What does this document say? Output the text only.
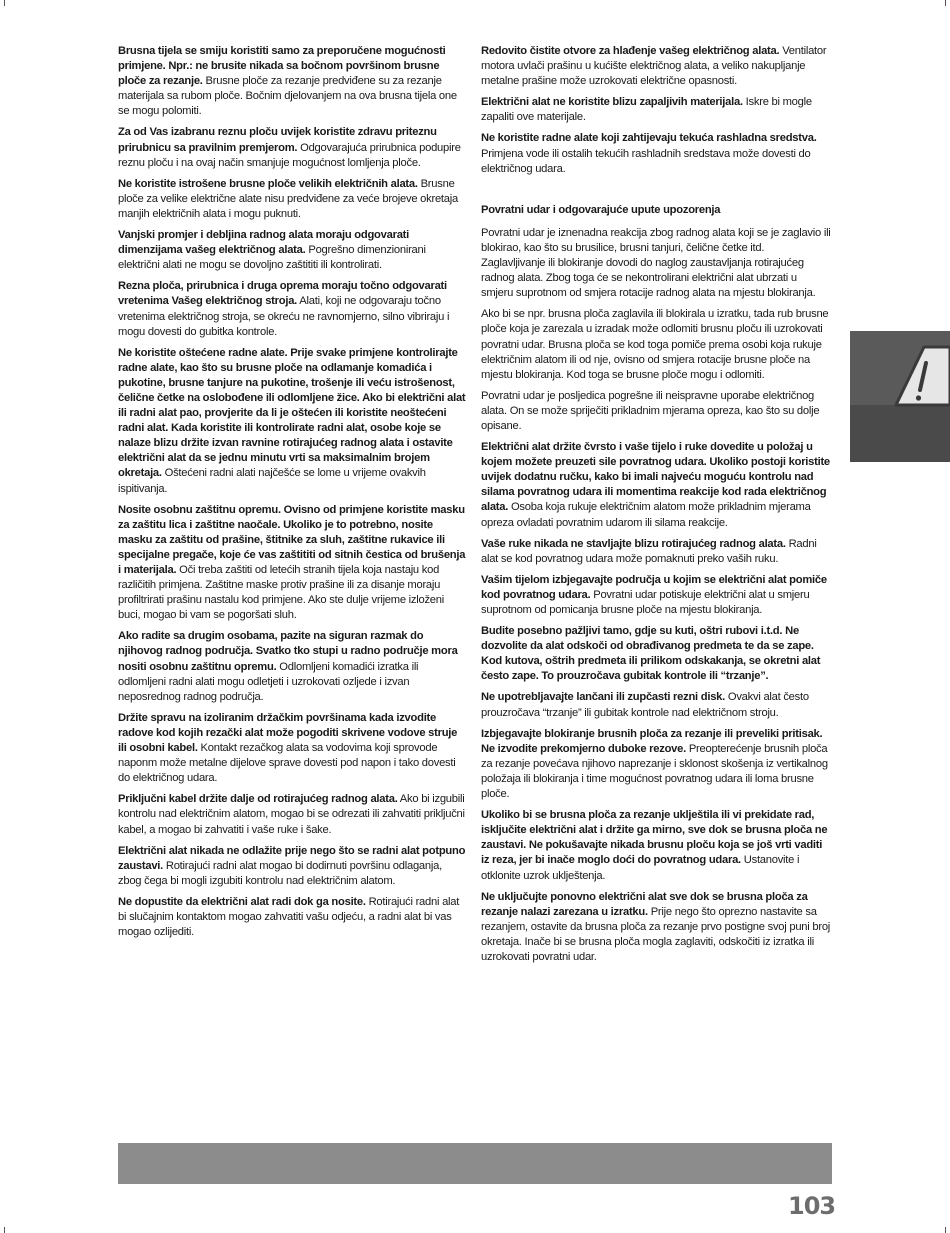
Brusna tijela se smiju koristiti samo za preporučene mogućnosti primjene. Npr.: ne brusite nikada sa bočnom površinom brusne ploče za rezanje. Brusne ploče za rezanje predviđene su za rezanje materijala sa rubom ploče. Bočnim djelovanjem na ova brusna tijela one se mogu polomiti.

Za od Vas izabranu reznu ploču uvijek koristite zdravu priteznu prirubnicu sa pravilnim premjerom. Odgovarajuća prirubnica podupire reznu ploču i na ovaj način smanjuje mogućnost lomljenja ploče.

Ne koristite istrošene brusne ploče velikih električnih alata. Brusne ploče za velike električne alate nisu predviđene za veće brojeve okretaja manjih električnih alata i mogu puknuti.

Vanjski promjer i debljina radnog alata moraju odgovarati dimenzijama vašeg električnog alata. Pogrešno dimenzionirani električni alati ne mogu se dovoljno zaštititi ili kontrolirati.

Rezna ploča, prirubnica i druga oprema moraju točno odgovarati vretenima Vašeg električnog stroja. Alati, koji ne odgovaraju točno vretenima električnog stroja, se okreću ne ravnomjerno, silno vibriraju i mogu dovesti do gubitka kontrole.

Ne koristite oštećene radne alate. Prije svake primjene kontrolirajte radne alate, kao što su brusne ploče na odlamanje komadića i pukotine, brusne tanjure na pukotine, trošenje ili veću istrošenost, čelične četke na oslobođene ili odlomljene žice. Ako bi električni alat ili radni alat pao, provjerite da li je oštećen ili koristite neoštećeni radni alat. Kada koristite ili kontrolirate radni alat, osobe koje se nalaze blizu držite izvan ravnine rotirajućeg radnog alata i ostavite električni alat da se jednu minutu vrti sa maksimalnim brojem okretaja. Oštećeni radni alati najčešće se lome u vrijeme ovakvih ispitivanja.

Nosite osobnu zaštitnu opremu. Ovisno od primjene koristite masku za zaštitu lica i zaštitne naočale. Ukoliko je to potrebno, nosite masku za zaštitu od prašine, štitnike za sluh, zaštitne rukavice ili specijalne pregače, koje će vas zaštititi od sitnih čestica od brušenja i materijala. Oči treba zaštiti od letećih stranih tijela koja nastaju kod različitih primjena. Zaštitne maske protiv prašine ili za disanje moraju profiltrirati prašinu nastalu kod primjene. Ako ste dulje vrijeme izloženi buci, mogao bi vam se pogoršati sluh.

Ako radite sa drugim osobama, pazite na siguran razmak do njihovog radnog područja. Svatko tko stupi u radno područje mora nositi osobnu zaštitnu opremu. Odlomljeni komadići izratka ili odlomljeni radni alati mogu odletjeti i uzrokovati ozljede i izvan neposrednog radnog područja.

Držite spravu na izoliranim držačkim površinama kada izvodite radove kod kojih rezački alat može pogoditi skrivene vodove struje ili osobni kabel. Kontakt rezačkog alata sa vodovima koji sprovode naponm može metalne dijelove sprave dovesti pod napon i tako dovesti do električnog udara.

Priključni kabel držite dalje od rotirajućeg radnog alata. Ako bi izgubili kontrolu nad električnim alatom, mogao bi se odrezati ili zahvatiti priključni kabel, a mogao bi zahvatiti i vaše ruke i šake.

Električni alat nikada ne odlažite prije nego što se radni alat potpuno zaustavi. Rotirajući radni alat mogao bi dodirnuti površinu odlaganja, zbog čega bi mogli izgubiti kontrolu nad električnim alatom.

Ne dopustite da električni alat radi dok ga nosite. Rotirajući radni alat bi slučajnim kontaktom mogao zahvatiti vašu odjeću, a radni alat bi vas mogao ozlijediti.

Redovito čistite otvore za hlađenje vašeg električnog alata. Ventilator motora uvlači prašinu u kućište električnog alata, a veliko nakupljanje metalne prašine može uzrokovati električne opasnosti.

Električni alat ne koristite blizu zapaljivih materijala. Iskre bi mogle zapaliti ove materijale.

Ne koristite radne alate koji zahtijevaju tekuća rashladna sredstva. Primjena vode ili ostalih tekućih rashladnih sredstava može dovesti do električnog udara.

Povratni udar i odgovarajuće upute upozorenja

Povratni udar je iznenadna reakcija zbog radnog alata koji se je zaglavio ili blokirao, kao što su brusilice, brusni tanjuri, čelične četke itd. Zaglavljivanje ili blokiranje dovodi do naglog zaustavljanja rotirajućeg radnog alata. Zbog toga će se nekontrolirani električni alat ubrzati u smjeru suprotnom od smjera rotacije radnog alata na mjestu blokiranja.

Ako bi se npr. brusna ploča zaglavila ili blokirala u izratku, tada rub brusne ploče koja je zarezala u izradak može odlomiti brusnu ploču ili uzrokovati povratni udar. Brusna ploča se kod toga pomiče prema osobi koja rukuje električnim alatom ili od nje, ovisno od smjera rotacije brusne ploče na mjestu blokiranja. Kod toga se brusne ploče mogu i odlomiti.

Povratni udar je posljedica pogrešne ili neispravne uporabe električnog alata. On se može spriječiti prikladnim mjerama opreza, kao što su dolje opisane.

Električni alat držite čvrsto i vaše tijelo i ruke dovedite u položaj u kojem možete preuzeti sile povratnog udara. Ukoliko postoji koristite uvijek dodatnu ručku, kako bi imali najveću moguću kontrolu nad silama povratnog udara ili momentima reakcije kod rada električnog alata. Osoba koja rukuje električnim alatom može prikladnim mjerama opreza ovladati povratnim udarom ili silama reakcije.

Vaše ruke nikada ne stavljajte blizu rotirajućeg radnog alata. Radni alat se kod povratnog udara može pomaknuti preko vaših ruku.

Vašim tijelom izbjegavajte područja u kojim se električni alat pomiče kod povratnog udara. Povratni udar potiskuje električni alat u smjeru suprotnom od pomicanja brusne ploče na mjestu blokiranja.

Budite posebno pažljivi tamo, gdje su kuti, oštri rubovi i.t.d. Ne dozvolite da alat odskoči od obrađivanog predmeta te da se zape. Kod kutova, oštrih predmeta ili prilikom odskakanja, se okretni alat često zape. To prouzročava gubitak kontrole ili “trzanje”.

Ne upotrebljavajte lančani ili zupčasti rezni disk. Ovakvi alat često prouzročava “trzanje” ili gubitak kontrole nad električnom stroju.

Izbjegavajte blokiranje brusnih ploča za rezanje ili preveliki pritisak. Ne izvodite prekomjerno duboke rezove. Preopterećenje brusnih ploča za rezanje povećava njihovo naprezanje i sklonost skošenja iz vertikalnog položaja ili blokiranja i time mogućnost povratnog udara ili loma brusne ploče.

Ukoliko bi se brusna ploča za rezanje uklještila ili vi prekidate rad, isključite električni alat i držite ga mirno, sve dok se brusna ploča ne zaustavi. Ne pokušavajte nikada brusnu ploču koja se još vrti vaditi iz reza, jer bi inače moglo doći do povratnog udara. Ustanovite i otklonite uzrok uklještenja.

Ne uključujte ponovno električni alat sve dok se brusna ploča za rezanje nalazi zarezana u izratku. Prije nego što oprezno nastavite sa rezanjem, ostavite da brusna ploča za rezanje prvo postigne svoj puni broj okretaja. Inače bi se brusna ploča mogla zaglaviti, odskočiti iz izratka ili uzrokovati povratni udar.

103
